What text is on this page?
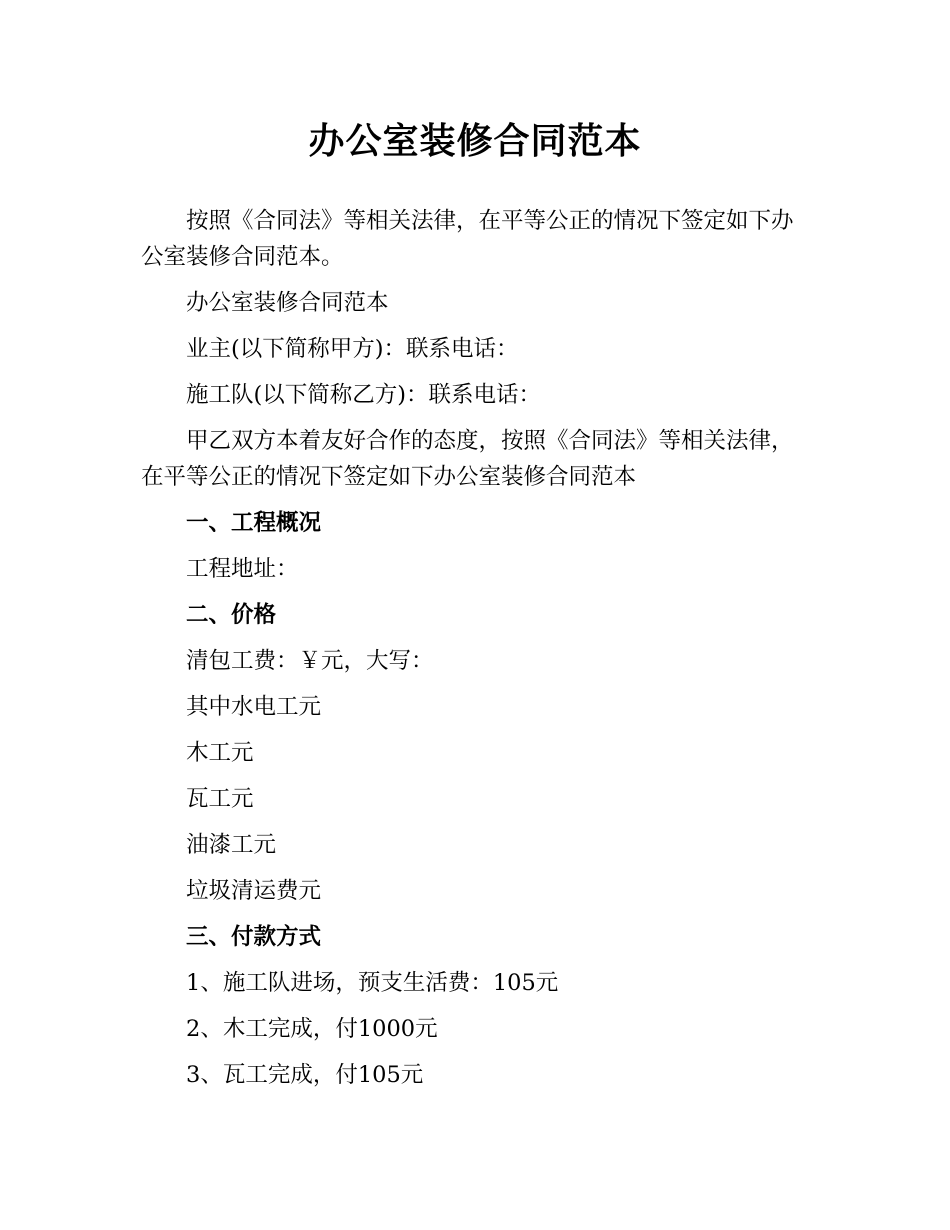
办公室装修合同范本

按照《合同法》等相关法律，在平等公正的情况下签定如下办公室装修合同范本。

办公室装修合同范本

业主(以下简称甲方)：联系电话：

施工队(以下简称乙方)：联系电话：

甲乙双方本着友好合作的态度，按照《合同法》等相关法律，在平等公正的情况下签定如下办公室装修合同范本

一、工程概况

工程地址：

二、价格

清包工费：￥元，大写：

其中水电工元

木工元

瓦工元

油漆工元

垃圾清运费元

三、付款方式

1、施工队进场，预支生活费：105元

2、木工完成，付1000元

3、瓦工完成，付105元
